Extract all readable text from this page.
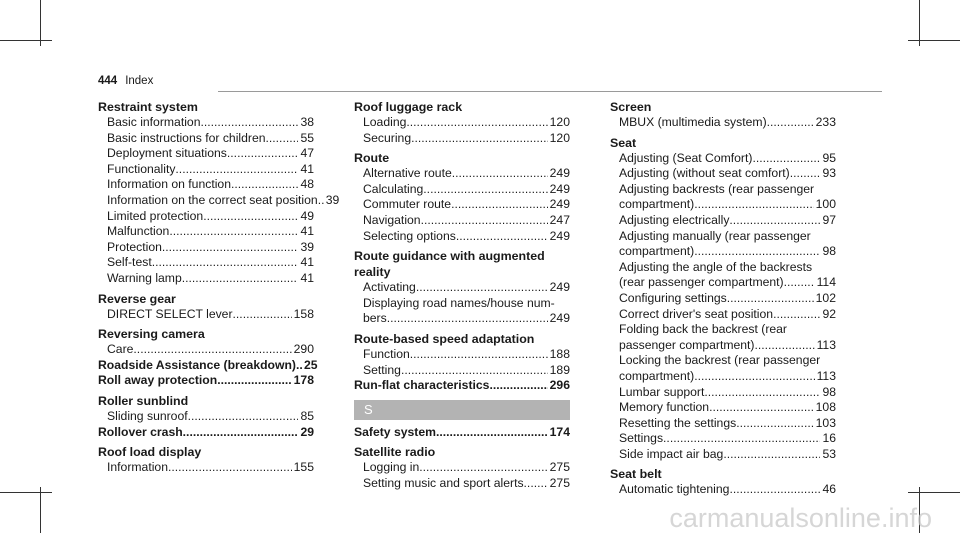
444 Index
Restraint system
Basic information .....	38
Basic instructions for children .....	55
Deployment situations .....	47
Functionality .....	41
Information on function .....	48
Information on the correct seat position ..... 39
Limited protection .....	49
Malfunction .....	41
Protection .....	39
Self-test .....	41
Warning lamp .....	41
Reverse gear
DIRECT SELECT lever .....	158
Reversing camera
Care .....	290
Roadside Assistance (breakdown) ..... 25
Roll away protection .....	178
Roller sunblind
Sliding sunroof .....	85
Rollover crash .....	29
Roof load display
Information .....	155
Roof luggage rack
Loading .....	120
Securing .....	120
Route
Alternative route .....	249
Calculating .....	249
Commuter route .....	249
Navigation .....	247
Selecting options .....	249
Route guidance with augmented reality
Activating .....	249
Displaying road names/house num-
bers .....	249
Route-based speed adaptation
Function .....	188
Setting .....	189
Run-flat characteristics .....	296
S
Safety system .....	174
Satellite radio
Logging in .....	275
Setting music and sport alerts ..... 275
Screen
MBUX (multimedia system) .....	233
Seat
Adjusting (Seat Comfort) .....	95
Adjusting (without seat comfort) .....	93
Adjusting backrests (rear passenger
compartment) .....	100
Adjusting electrically .....	97
Adjusting manually (rear passenger
compartment) .....	98
Adjusting the angle of the backrests
(rear passenger compartment) .....	114
Configuring settings .....	102
Correct driver's seat position .....	92
Folding back the backrest (rear
passenger compartment) .....	113
Locking the backrest (rear passenger
compartment) .....	113
Lumbar support .....	98
Memory function .....	108
Resetting the settings .....	103
Settings .....	16
Side impact air bag .....	53
Seat belt
Automatic tightening .....	46
carmanualsonline.info
